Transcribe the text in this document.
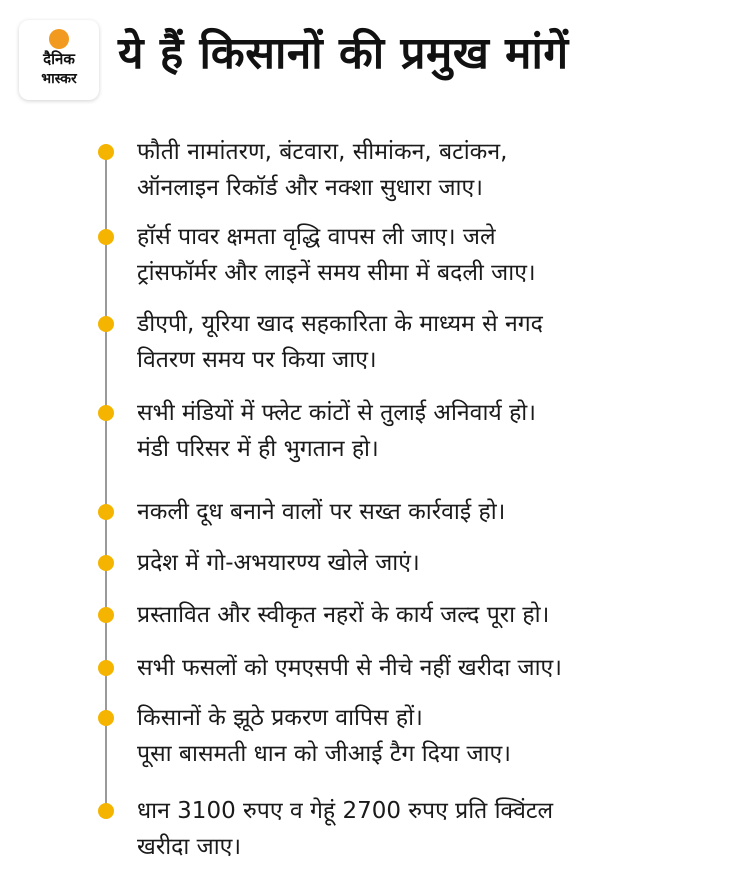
दैनिक
भास्कर ये हैं किसानों की प्रमुख मांगें
फौती नामांतरण, बंटवारा, सीमांकन, बटांकन,
ऑनलाइन रिकॉर्ड और नक्शा सुधारा जाए।
हॉर्स पावर क्षमता वृद्धि वापस ली जाए। जले
ट्रांसफॉर्मर और लाइनें समय सीमा में बदली जाए।
डीएपी, यूरिया खाद सहकारिता के माध्यम से नगद
वितरण समय पर किया जाए।
सभी मंडियों में फ्लेट कांटों से तुलाई अनिवार्य हो।
मंडी परिसर में ही भुगतान हो।
नकली दूध बनाने वालों पर सख्त कार्रवाई हो।
प्रदेश में गो-अभयारण्य खोले जाएं।
प्रस्तावित और स्वीकृत नहरों के कार्य जल्द पूरा हो।
सभी फसलों को एमएसपी से नीचे नहीं खरीदा जाए।
किसानों के झूठे प्रकरण वापिस हों।
पूसा बासमती धान को जीआई टैग दिया जाए।
धान 3100 रुपए व गेहूं 2700 रुपए प्रति क्विंटल
खरीदा जाए।
